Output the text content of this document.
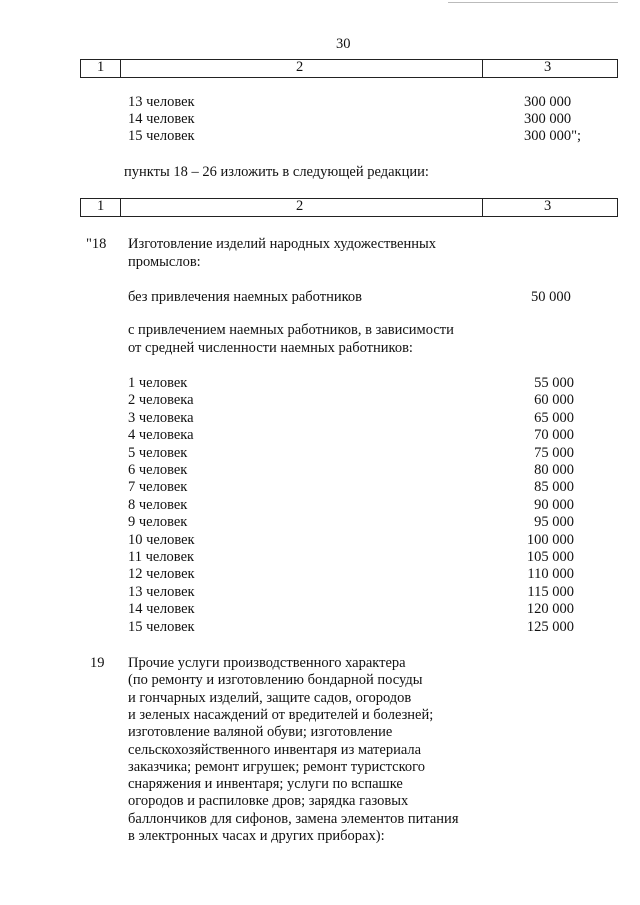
30
1	2	3
13 человек	300 000
14 человек	300 000
15 человек	300 000";
пункты 18 – 26 изложить в следующей редакции:
1	2	3
"18 Изготовление изделий народных художественных
промыслов:
без привлечения наемных работников	50 000
с привлечением наемных работников, в зависимости
от средней численности наемных работников:
1 человек	55 000
2 человека	60 000
3 человека	65 000
4 человека	70 000
5 человек	75 000
6 человек	80 000
7 человек	85 000
8 человек	90 000
9 человек	95 000
10 человек	100 000
11 человек	105 000
12 человек	110 000
13 человек	115 000
14 человек	120 000
15 человек	125 000
19 Прочие услуги производственного характера
(по ремонту и изготовлению бондарной посуды
и гончарных изделий, защите садов, огородов
и зеленых насаждений от вредителей и болезней;
изготовление валяной обуви; изготовление
сельскохозяйственного инвентаря из материала
заказчика; ремонт игрушек; ремонт туристского
снаряжения и инвентаря; услуги по вспашке
огородов и распиловке дров; зарядка газовых
баллончиков для сифонов, замена элементов питания
в электронных часах и других приборах):
